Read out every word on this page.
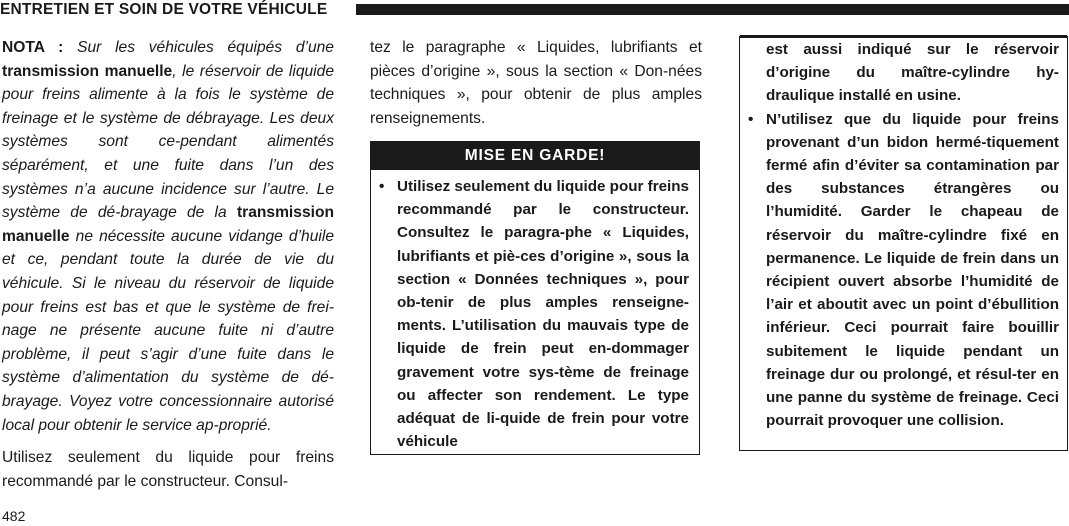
ENTRETIEN ET SOIN DE VOTRE VÉHICULE

NOTA : Sur les véhicules équipés d’une transmission manuelle, le réservoir de liquide pour freins alimente à la fois le système de freinage et le système de débrayage. Les deux systèmes sont ce-pendant alimentés séparément, et une fuite dans l’un des systèmes n’a aucune incidence sur l’autre. Le système de dé-brayage de la transmission manuelle ne nécessite aucune vidange d’huile et ce, pendant toute la durée de vie du véhicule. Si le niveau du réservoir de liquide pour freins est bas et que le système de frei-nage ne présente aucune fuite ni d’autre problème, il peut s’agir d’une fuite dans le système d’alimentation du système de dé-brayage. Voyez votre concessionnaire autorisé local pour obtenir le service ap-proprié.

Utilisez seulement du liquide pour freins recommandé par le constructeur. Consul-

tez le paragraphe « Liquides, lubrifiants et pièces d’origine », sous la section « Don-nées techniques », pour obtenir de plus amples renseignements.

MISE EN GARDE!
• Utilisez seulement du liquide pour freins recommandé par le constructeur. Consultez le paragra-phe « Liquides, lubrifiants et piè-ces d’origine », sous la section « Données techniques », pour ob-tenir de plus amples renseigne-ments. L’utilisation du mauvais type de liquide de frein peut en-dommager gravement votre sys-tème de freinage ou affecter son rendement. Le type adéquat de li-quide de frein pour votre véhicule

est aussi indiqué sur le réservoir d’origine du maître-cylindre hy-draulique installé en usine.

• N’utilisez que du liquide pour freins provenant d’un bidon hermé-tiquement fermé afin d’éviter sa contamination par des substances étrangères ou l’humidité. Garder le chapeau de réservoir du maître-cylindre fixé en permanence. Le liquide de frein dans un récipient ouvert absorbe l’humidité de l’air et aboutit avec un point d’ébullition inférieur. Ceci pourrait faire bouillir subitement le liquide pendant un freinage dur ou prolongé, et résul-ter en une panne du système de freinage. Ceci pourrait provoquer une collision.
482
